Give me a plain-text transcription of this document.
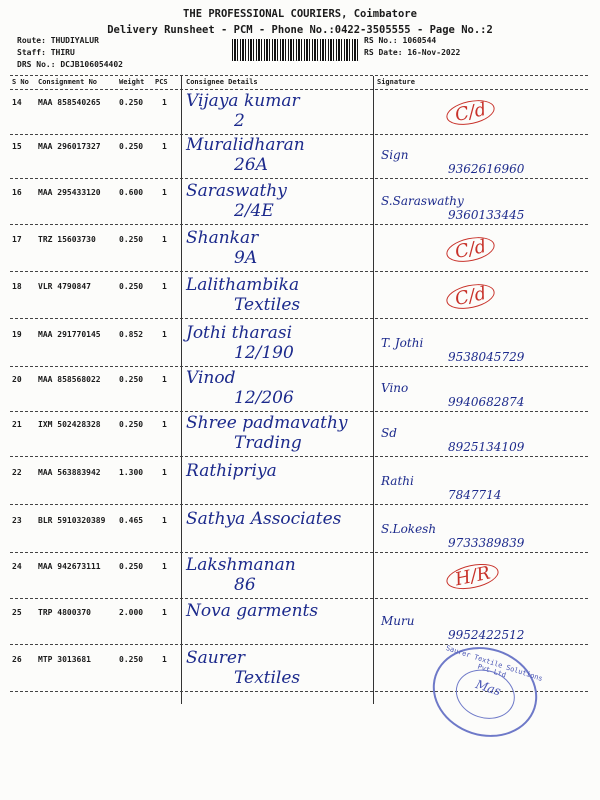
THE PROFESSIONAL COURIERS, Coimbatore
Delivery Runsheet - PCM - Phone No.:0422-3505555 - Page No.:2
Route: THUDIYALUR
Staff: THIRU
DRS No.: DCJB106054402
RS No.: 1060544
RS Date: 16-Nov-2022
S No Consignment No	Weight PCS	Consignee Details	Signature
14 MAA 858540265 0.250 1 Vijaya kumar
2	C/d
15 MAA 296017327 0.250 1 Muralidharan
26A	Sign
9362616960
16 MAA 295433120 0.600 1 Saraswathy
2/4E	S.Saraswathy
9360133445
17 TRZ 15603730	0.250 1 Shankar
9A	C/d
18 VLR 4790847	0.250 1 Lalithambika
Textiles	C/d
19 MAA 291770145 0.852 1 Jothi tharasi
12/190	T. Jothi
9538045729
20 MAA 858568022 0.250 1 Vinod
12/206	Vino
9940682874
21 IXM 502428328 0.250 1 Shree padmavathy
Trading	Sd
8925134109
22 MAA 563883942 1.300 1 Rathipriya	Rathi
7847714
23 BLR 5910320389 0.465 1 Sathya Associates	S.Lokesh
9733389839
24 MAA 942673111 0.250 1 Lakshmanan
86	H/R
25 TRP 4800370	2.000 1 Nova garments	Muru
9952422512
26 MTP 3013681	0.250 1 Saurer
Textiles	Saurer Textile Solutions Pvt Ltd
Mas
